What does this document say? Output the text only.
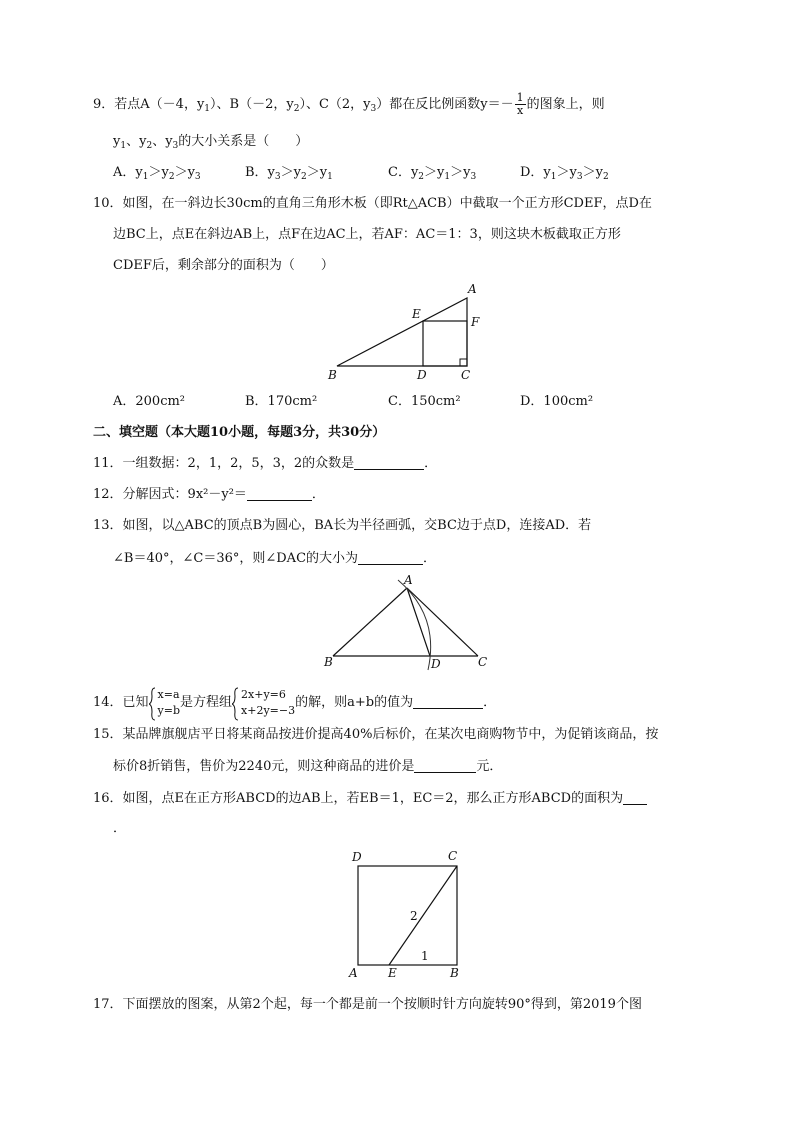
9．若点A（－4，$y_1$）、B（－2，$y_2$）、C（2，$y_3$）都在反比例函数$y=- \frac{1}{x}$ 的图象上，则
$y_1$、$y_2$、$y_3$的大小关系是（　　）
A．$y_1>y_2>y_3$	B．$y_3>y_2>y_1$	C．$y_2>y_1>y_3$	D．$y_1>y_3>y_2$
10．如图，在一斜边长30cm的直角三角形木板（即Rt△ACB）中截取一个正方形CDEF，点D在
边BC上，点E在斜边AB上，点F在边AC上，若AF：AC＝1：3，则这块木板截取正方形
CDEF后，剩余部分的面积为（　　）
A
E
F
B	D	C
A．200cm²	B．170cm²	C．150cm²	D．100cm²
二、填空题（本大题10小题，每题3分，共30分）
11．一组数据：2，1，2，5，3，2的众数是	．
12．分解因式：9x²－y²＝	．
13．如图，以△ABC的顶点B为圆心，BA长为半径画弧，交BC边于点D，连接AD．若
∠B＝40°，∠C＝36°，则∠DAC的大小为	．
A
B	D	C
14．已知
x=a
y=b 是方程组
2x+y=6
x+2y=−3 的解，则a+b的值为	．
15．某品牌旗舰店平日将某商品按进价提高40%后标价，在某次电商购物节中，为促销该商品，按
标价8折销售，售价为2240元，则这种商品的进价是	元．
16．如图，点E在正方形ABCD的边AB上，若EB＝1，EC＝2，那么正方形ABCD的面积为
．
D	C
A	E	B
2
1
17．下面摆放的图案，从第2个起，每一个都是前一个按顺时针方向旋转90°得到，第2019个图
